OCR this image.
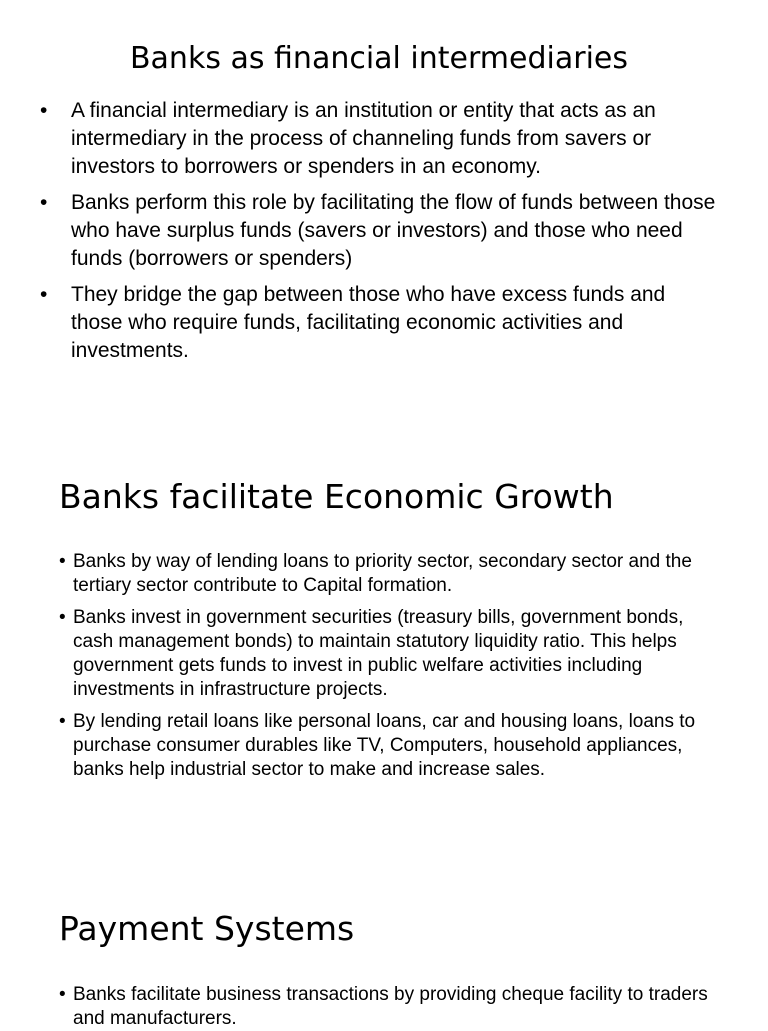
Banks as financial intermediaries
• A financial intermediary is an institution or entity that acts as an intermediary in the process of channeling funds from savers or investors to borrowers or spenders in an economy.
• Banks perform this role by facilitating the flow of funds between those who have surplus funds (savers or investors) and those who need funds (borrowers or spenders)
• They bridge the gap between those who have excess funds and those who require funds, facilitating economic activities and investments.
Banks facilitate Economic Growth
• Banks by way of lending loans to priority sector, secondary sector and the tertiary sector contribute to Capital formation.
• Banks invest in government securities (treasury bills, government bonds, cash management bonds) to maintain statutory liquidity ratio. This helps government gets funds to invest in public welfare activities including investments in infrastructure projects.
• By lending retail loans like personal loans, car and housing loans, loans to purchase consumer durables like TV, Computers, household appliances, banks help industrial sector to make and increase sales.
Payment Systems
• Banks facilitate business transactions by providing cheque facility to traders and manufacturers.
